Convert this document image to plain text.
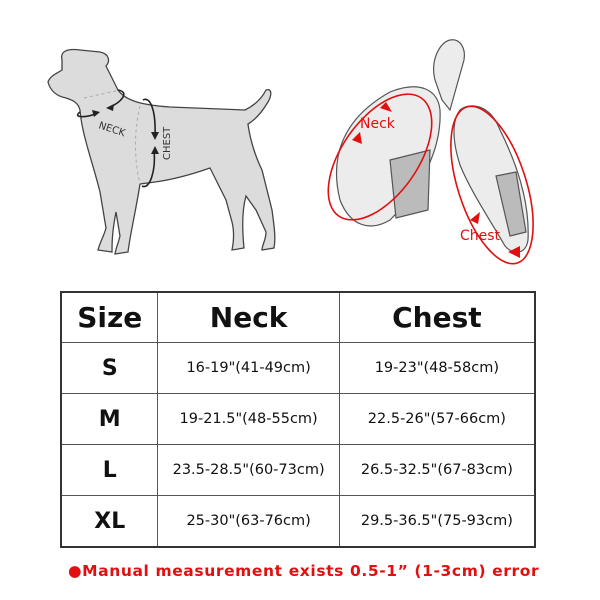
NECK	CHEST
Neck
Chest
Size	Neck	Chest
S	16-19"(41-49cm)	19-23"(48-58cm)
M	19-21.5"(48-55cm)	22.5-26"(57-66cm)
L	23.5-28.5"(60-73cm)	26.5-32.5"(67-83cm)
XL	25-30"(63-76cm)	29.5-36.5"(75-93cm)
●Manual measurement exists 0.5-1” (1-3cm) error
